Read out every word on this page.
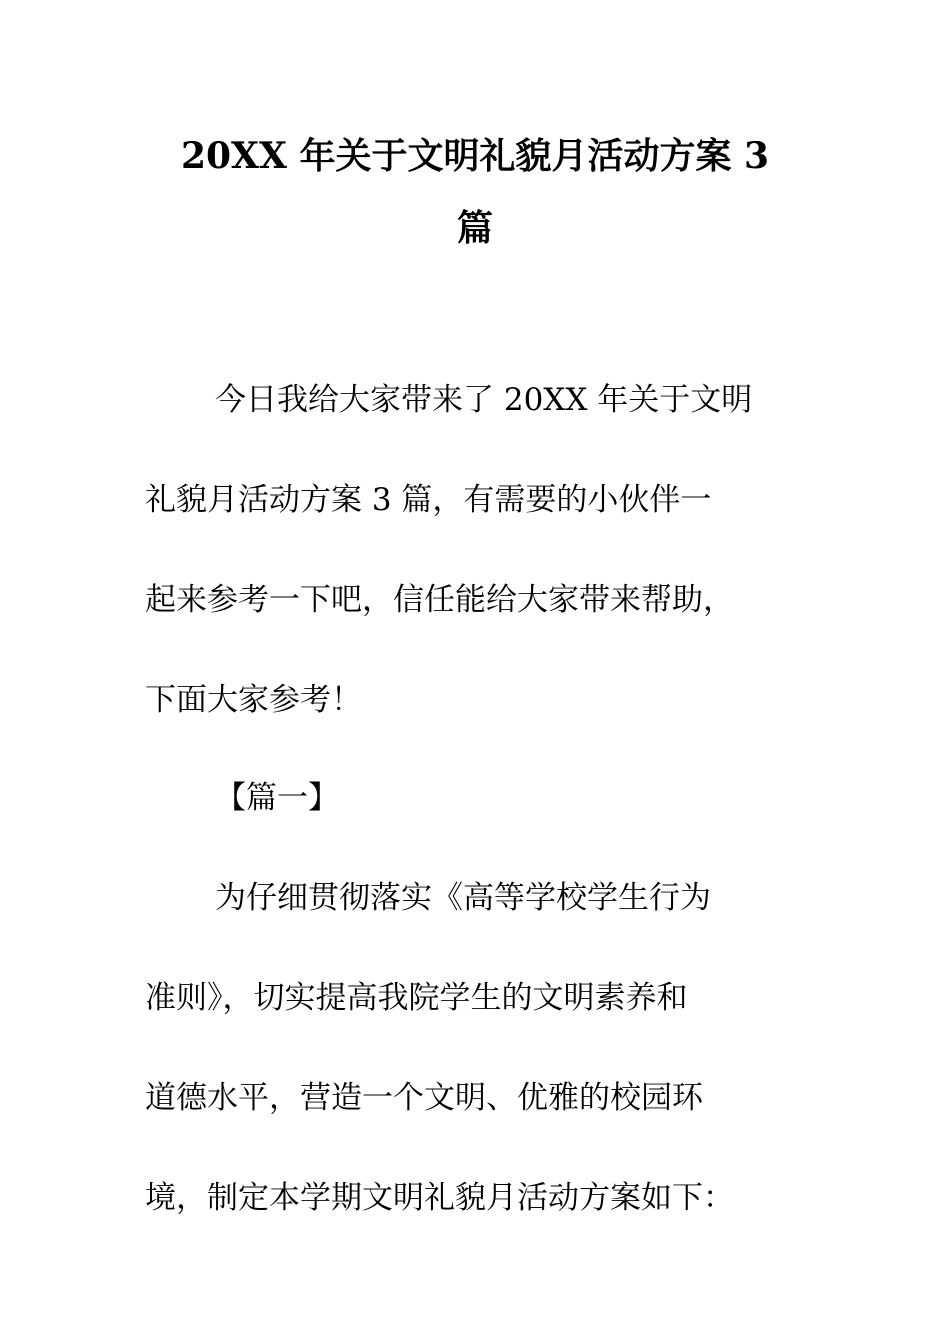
20XX 年关于文明礼貌月活动方案 3
篇

今日我给大家带来了 20XX 年关于文明

礼貌月活动方案 3 篇，有需要的小伙伴一

起来参考一下吧，信任能给大家带来帮助，

下面大家参考！

【篇一】

为仔细贯彻落实《高等学校学生行为

准则》，切实提高我院学生的文明素养和

道德水平，营造一个文明、优雅的校园环

境，制定本学期文明礼貌月活动方案如下：
